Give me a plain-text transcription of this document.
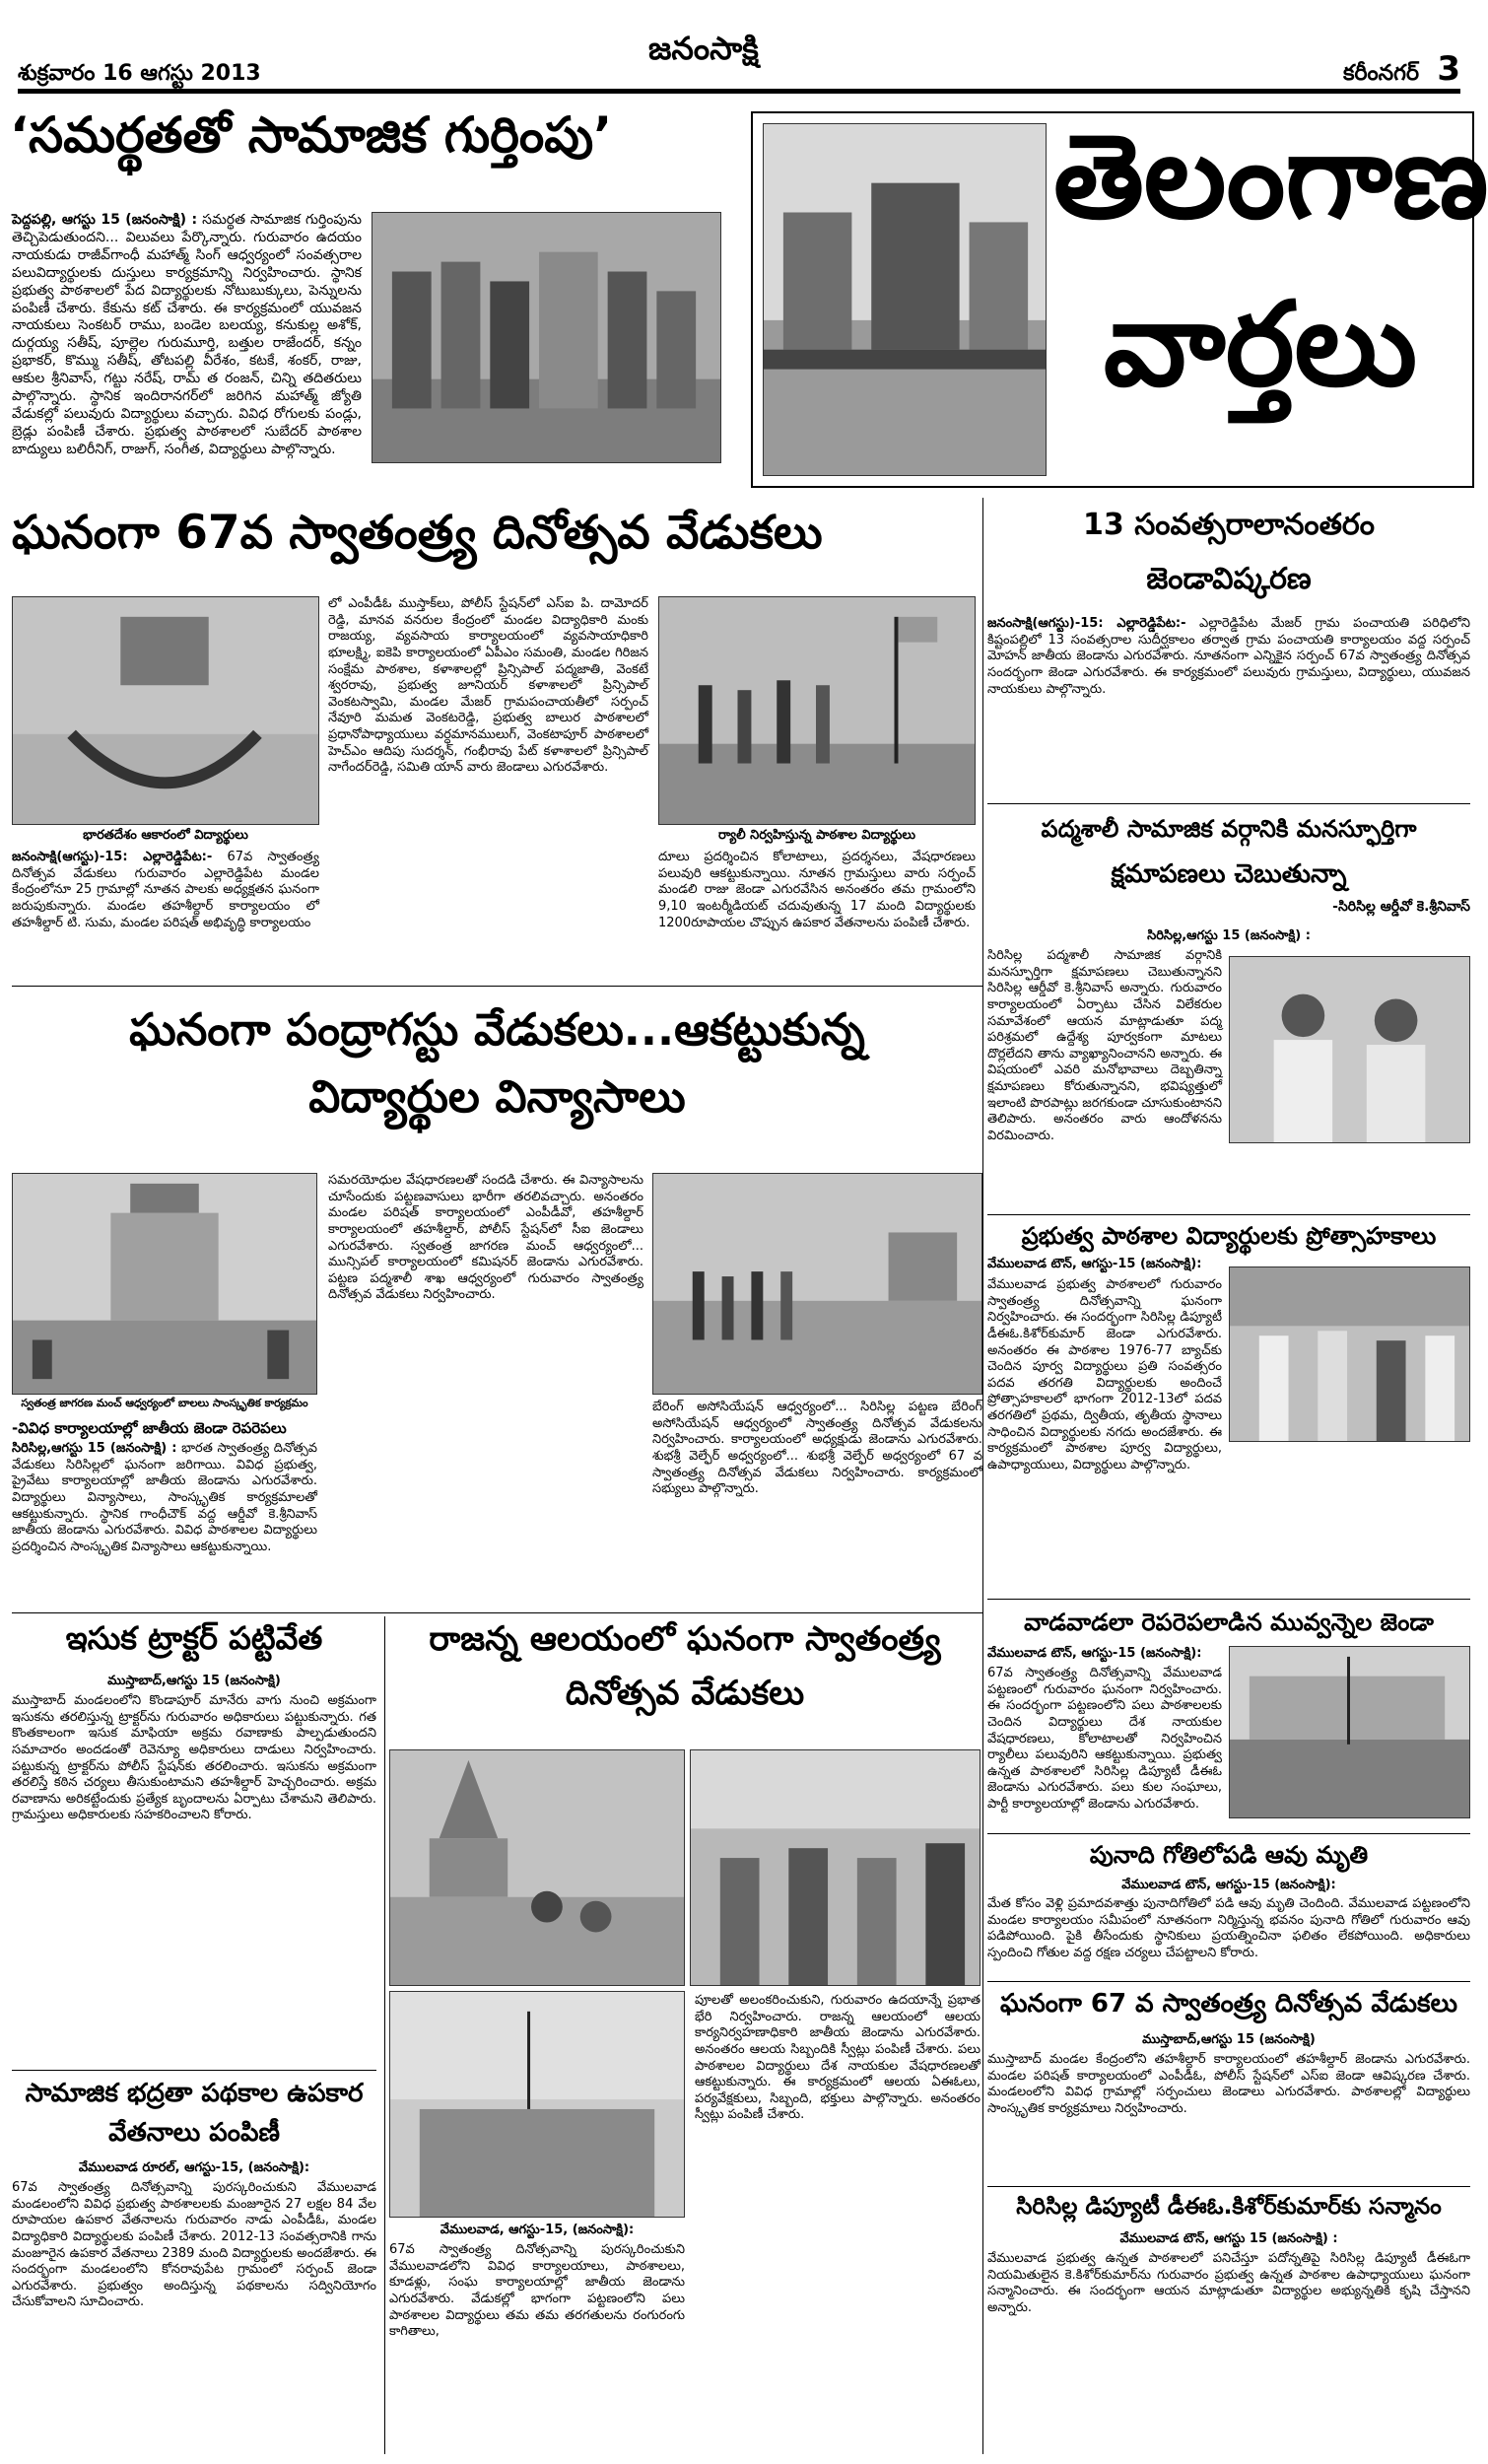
శుక్రవారం 16 ఆగస్టు 2013
జనంసాక్షి
కరీంనగర్ 3
‘సమర్థతతో సామాజిక గుర్తింపు’
పెద్దపల్లి, ఆగస్టు 15 (జనంసాక్షి) : సమర్థత సామాజిక గుర్తింపును తెచ్చిపెడుతుందని... విలువలు పేర్కొన్నారు. గురువారం ఉదయం నాయకుడు రాజీవ్‌గాంధీ మహాత్మ్ సింగ్ ఆధ్వర్యంలో సంవత్సరాల పలువిద్యార్థులకు దుస్తులు కార్యక్రమాన్ని నిర్వహించారు. స్థానిక ప్రభుత్వ పాఠశాలలో పేద విద్యార్థులకు నోటుబుక్కులు, పెన్నులను పంపిణీ చేశారు. కేకును కట్ చేశారు. ఈ కార్యక్రమంలో యువజన నాయకులు సెంకటర్ రాము, బండెల బలయ్య, కనుకుల్ల అశోక్, దుర్గయ్య సతీష్, పూల్లెల గురుమూర్తి, బత్తుల రాజేందర్, కన్నం ప్రభాకర్, కొమ్ము సతీష్, తోటపల్లి వీరేశం, కటకే, శంకర్, రాజు, ఆకుల శ్రీనివాస్, గట్టు నరేష్, రామ్ త రంజన్, చిన్ని తదితరులు పాల్గొన్నారు. స్థానిక ఇందిరానగర్‌లో జరిగిన మహాత్మ్ జ్యోతి వేడుకల్లో పలువురు విద్యార్థులు వచ్చారు. వివిధ రోగులకు పండ్లు, బ్రెడ్లు పంపిణీ చేశారు. ప్రభుత్వ పాఠశాలలో సుబేదర్ పాఠశాల బాద్యులు బలిరీనిగ్, రాజుగ్, సంగీత, విద్యార్థులు పాల్గొన్నారు.
తెలంగాణ
వార్తలు
ఘనంగా 67వ స్వాతంత్ర్య దినోత్సవ వేడుకలు
భారతదేశం ఆకారంలో విద్యార్థులు
జనంసాక్షి(ఆగస్టు)-15: ఎల్లారెడ్డిపేట:- 67వ స్వాతంత్ర్య దినోత్సవ వేడుకలు గురువారం ఎల్లారెడ్డిపేట మండల కేంద్రంలోనూ 25 గ్రామాల్లో నూతన పాలకు అధ్యక్షతన ఘనంగా జరుపుకున్నారు. మండల తహశీల్దార్ కార్యాలయం లో తహశీల్దార్ టి. సుమ, మండల పరిషత్ అభివృద్ధి కార్యాలయం
లో ఎంపీడీఓ ముస్తాక్‌లు, పోలీస్ స్టేషన్‌లో ఎస్ఐ పి. దామోదర్ రెడ్డి, మానవ వనరుల కేంద్రంలో మండల విద్యాధికారి మంకు రాజయ్య, వ్యవసాయ కార్యాలయంలో వ్యవసాయాధికారి భూలక్ష్మి, ఐకెపి కార్యాలయంలో ఏపీఎం సమంతి, మండల గిరిజన సంక్షేమ పాఠశాల, కళాశాలల్లో ప్రిన్సిపాల్ పద్మజాతి, వెంకటే శ్వరరావు, ప్రభుత్వ జూనియర్ కళాశాలలో ప్రిన్సిపాల్ వెంకటస్వామి, మండల మేజర్ గ్రామపంచాయతీలో సర్పంచ్ నేవూరి మమత వెంకటరెడ్డి, ప్రభుత్వ బాలుర పాఠశాలలో ప్రధానోపాధ్యాయులు వర్ధమానములుగ్, వెంకటాపూర్ పాఠశాలలో హెచ్ఎం ఆదిపు సుదర్శన్, గంభీరావు పేట్ కళాశాలలో ప్రిన్సిపాల్ నాగేందర్‌రెడ్డి, సమితి యాన్ వారు జెండాలు ఎగురవేశారు.
ర్యాలీ నిర్వహిస్తున్న పాఠశాల విద్యార్థులు
దూలు ప్రదర్శించిన కోలాటాలు, ప్రదర్శనలు, వేషధారణలు పలువురి ఆకట్టుకున్నాయి. నూతన గ్రామస్తులు వారు సర్పంచ్ మండలి రాజు జెండా ఎగురవేసిన అనంతరం తమ గ్రామంలోని 9,10 ఇంటర్మీడియట్ చదువుతున్న 17 మంది విద్యార్థులకు 1200రూపాయల చొప్పున ఉపకార వేతనాలను పంపిణీ చేశారు.
13 సంవత్సరాలానంతరం
జెండావిష్కరణ
జనంసాక్షి(ఆగస్టు)-15: ఎల్లారెడ్డిపేట:- ఎల్లారెడ్డిపేట మేజర్ గ్రామ పంచాయతి పరిధిలోని కిష్టంపల్లిలో 13 సంవత్సరాల సుదీర్ఘకాలం తర్వాత గ్రామ పంచాయతి కార్యాలయం వద్ద సర్పంచ్ మోహన్ జాతీయ జెండాను ఎగురవేశారు. నూతనంగా ఎన్నికైన సర్పంచ్ 67వ స్వాతంత్ర్య దినోత్సవ సందర్భంగా జెండా ఎగురవేశారు. ఈ కార్యక్రమంలో పలువురు గ్రామస్తులు, విద్యార్థులు, యువజన నాయకులు పాల్గొన్నారు.
పద్మశాలీ సామాజిక వర్గానికి మనస్ఫూర్తిగా
క్షమాపణలు చెబుతున్నా
-సిరిసిల్ల ఆర్డీవో కె.శ్రీనివాస్
సిరిసిల్ల,ఆగస్టు 15 (జనంసాక్షి) :
సిరిసిల్ల పద్మశాలీ సామాజిక వర్గానికి మనస్ఫూర్తిగా క్షమాపణలు చెబుతున్నానని సిరిసిల్ల ఆర్డీవో కె.శ్రీనివాస్ అన్నారు. గురువారం కార్యాలయంలో ఏర్పాటు చేసిన విలేకరుల సమావేశంలో ఆయన మాట్లాడుతూ పద్మ పరిశ్రమలో ఉద్దేశ్య పూర్వకంగా మాటలు దొర్లలేదని తాను వ్యాఖ్యానించానని అన్నారు. ఈ విషయంలో ఎవరి మనోభావాలు దెబ్బతిన్నా క్షమాపణలు కోరుతున్నానని, భవిష్యత్తులో ఇలాంటి పొరపాట్లు జరగకుండా చూసుకుంటానని తెలిపారు. అనంతరం వారు ఆందోళనను విరమించారు.
ప్రభుత్వ పాఠశాల విద్యార్థులకు ప్రోత్సాహకాలు
వేములవాడ టౌన్, ఆగస్టు-15 (జనంసాక్షి):
వేములవాడ ప్రభుత్వ పాఠశాలలో గురువారం స్వాతంత్ర్య దినోత్సవాన్ని ఘనంగా నిర్వహించారు. ఈ సందర్భంగా సిరిసిల్ల డిప్యూటీ డీఈఓ.కిశోర్‌కుమార్ జెండా ఎగురవేశారు. అనంతరం ఈ పాఠశాల 1976-77 బ్యాచ్‌కు చెందిన పూర్వ విద్యార్థులు ప్రతి సంవత్సరం పదవ తరగతి విద్యార్థులకు అందించే ప్రోత్సాహకాలలో భాగంగా 2012-13లో పదవ తరగతిలో ప్రథమ, ద్వితీయ, తృతీయ స్థానాలు సాధించిన విద్యార్థులకు నగదు అందజేశారు. ఈ కార్యక్రమంలో పాఠశాల పూర్వ విద్యార్థులు, ఉపాధ్యాయులు, విద్యార్థులు పాల్గొన్నారు.
ఘనంగా పంద్రాగస్టు వేడుకలు...ఆకట్టుకున్న
విద్యార్థుల విన్యాసాలు
స్వతంత్ర జాగరణ మంచ్ ఆధ్వర్యంలో బాలలు సాంస్కృతిక కార్యక్రమం
-వివిధ కార్యాలయాల్లో జాతీయ జెండా రెపరెపలు
సిరిసిల్ల,ఆగస్టు 15 (జనంసాక్షి) : భారత స్వాతంత్ర్య దినోత్సవ వేడుకలు సిరిసిల్లలో ఘనంగా జరిగాయి. వివిధ ప్రభుత్వ, ప్రైవేటు కార్యాలయాల్లో జాతీయ జెండాను ఎగురవేశారు. విద్యార్థులు విన్యాసాలు, సాంస్కృతిక కార్యక్రమాలతో ఆకట్టుకున్నారు. స్థానిక గాంధీచౌక్ వద్ద ఆర్డీవో కె.శ్రీనివాస్ జాతీయ జెండాను ఎగురవేశారు. వివిధ పాఠశాలల విద్యార్థులు ప్రదర్శించిన సాంస్కృతిక విన్యాసాలు ఆకట్టుకున్నాయి.
సమరయోధుల వేషధారణలతో సందడి చేశారు. ఈ విన్యాసాలను చూసేందుకు పట్టణవాసులు భారీగా తరలివచ్చారు. అనంతరం మండల పరిషత్ కార్యాలయంలో ఎంపీడీవో, తహశీల్దార్ కార్యాలయంలో తహశీల్దార్, పోలీస్ స్టేషన్‌లో సీఐ జెండాలు ఎగురవేశారు. స్వతంత్ర జాగరణ మంచ్ ఆధ్వర్యంలో... మున్సిపల్ కార్యాలయంలో కమిషనర్ జెండాను ఎగురవేశారు. పట్టణ పద్మశాలీ శాఖ ఆధ్వర్యంలో గురువారం స్వాతంత్ర్య దినోత్సవ వేడుకలు నిర్వహించారు.
బేరింగ్ అసోసియేషన్ ఆధ్వర్యంలో... సిరిసిల్ల పట్టణ బేరింగ్ అసోసియేషన్ ఆధ్వర్యంలో స్వాతంత్ర్య దినోత్సవ వేడుకలను నిర్వహించారు. కార్యాలయంలో అధ్యక్షుడు జెండాను ఎగురవేశారు. శుభశ్రీ వెల్ఫేర్ అధ్వర్యంలో... శుభశ్రీ వెల్ఫేర్ అధ్వర్యంలో 67 వ స్వాతంత్ర్య దినోత్సవ వేడుకలు నిర్వహించారు. కార్యక్రమంలో సభ్యులు పాల్గొన్నారు.
వాడవాడలా రెపరెపలాడిన మువ్వన్నెల జెండా
వేములవాడ టౌన్, ఆగస్టు-15 (జనంసాక్షి):
67వ స్వాతంత్ర్య దినోత్సవాన్ని వేములవాడ పట్టణంలో గురువారం ఘనంగా నిర్వహించారు. ఈ సందర్భంగా పట్టణంలోని పలు పాఠశాలలకు చెందిన విద్యార్థులు దేశ నాయకుల వేషధారణలు, కోలాటాలతో నిర్వహించిన ర్యాలీలు పలువురిని ఆకట్టుకున్నాయి. ప్రభుత్వ ఉన్నత పాఠశాలలో సిరిసిల్ల డిప్యూటీ డీఈఓ జెండాను ఎగురవేశారు. పలు కుల సంఘాలు, పార్టీ కార్యాలయాల్లో జెండాను ఎగురవేశారు.
పునాది గోతిలోపడి ఆవు మృతి
వేములవాడ టౌన్, ఆగస్టు-15 (జనంసాక్షి):
మేత కోసం వెళ్లి ప్రమాదవశాత్తు పునాదిగోతిలో పడి ఆవు మృతి చెందింది. వేములవాడ పట్టణంలోని మండల కార్యాలయం సమీపంలో నూతనంగా నిర్మిస్తున్న భవనం పునాది గోతిలో గురువారం ఆవు పడిపోయింది. పైకి తీసేందుకు స్థానికులు ప్రయత్నించినా ఫలితం లేకపోయింది. అధికారులు స్పందించి గోతుల వద్ద రక్షణ చర్యలు చేపట్టాలని కోరారు.
ఘనంగా 67 వ స్వాతంత్ర్య దినోత్సవ వేడుకలు
ముస్తాబాద్,ఆగస్టు 15 (జనంసాక్షి)
ముస్తాబాద్ మండల కేంద్రంలోని తహశీల్దార్ కార్యాలయంలో తహశీల్దార్ జెండాను ఎగురవేశారు. మండల పరిషత్ కార్యాలయంలో ఎంపీడీఓ, పోలీస్ స్టేషన్‌లో ఎస్ఐ జెండా ఆవిష్కరణ చేశారు. మండలంలోని వివిధ గ్రామాల్లో సర్పంచులు జెండాలు ఎగురవేశారు. పాఠశాలల్లో విద్యార్థులు సాంస్కృతిక కార్యక్రమాలు నిర్వహించారు.
సిరిసిల్ల డిప్యూటీ డీఈఓ.కిశోర్‌కుమార్‌కు సన్మానం
వేములవాడ టౌన్, ఆగస్టు 15 (జనంసాక్షి) :
వేములవాడ ప్రభుత్వ ఉన్నత పాఠశాలలో పనిచేస్తూ పదోన్నతిపై సిరిసిల్ల డిప్యూటీ డీఈఓగా నియమితులైన కె.కిశోర్‌కుమార్‌ను గురువారం ప్రభుత్వ ఉన్నత పాఠశాల ఉపాధ్యాయులు ఘనంగా సన్మానించారు. ఈ సందర్భంగా ఆయన మాట్లాడుతూ విద్యార్థుల అభ్యున్నతికి కృషి చేస్తానని అన్నారు.
ఇసుక ట్రాక్టర్ పట్టివేత
ముస్తాబాద్,ఆగస్టు 15 (జనంసాక్షి)
ముస్తాబాద్ మండలంలోని కొండాపూర్ మానేరు వాగు నుంచి అక్రమంగా ఇసుకను తరలిస్తున్న ట్రాక్టర్‌ను గురువారం అధికారులు పట్టుకున్నారు. గత కొంతకాలంగా ఇసుక మాఫియా అక్రమ రవాణాకు పాల్పడుతుందని సమాచారం అందడంతో రెవెన్యూ అధికారులు దాడులు నిర్వహించారు. పట్టుకున్న ట్రాక్టర్‌ను పోలీస్ స్టేషన్‌కు తరలించారు. ఇసుకను అక్రమంగా తరలిస్తే కఠిన చర్యలు తీసుకుంటామని తహశీల్దార్ హెచ్చరించారు. అక్రమ రవాణాను అరికట్టేందుకు ప్రత్యేక బృందాలను ఏర్పాటు చేశామని తెలిపారు. గ్రామస్తులు అధికారులకు సహకరించాలని కోరారు.
సామాజిక భద్రతా పథకాల ఉపకార
వేతనాలు పంపిణీ
వేములవాడ రూరల్, ఆగస్టు-15, (జనంసాక్షి):
67వ స్వాతంత్ర్య దినోత్సవాన్ని పురస్కరించుకుని వేములవాడ మండలంలోని వివిధ ప్రభుత్వ పాఠశాలలకు మంజూరైన 27 లక్షల 84 వేల రూపాయల ఉపకార వేతనాలను గురువారం నాడు ఎంపీడీఓ, మండల విద్యాధికారి విద్యార్థులకు పంపిణీ చేశారు. 2012-13 సంవత్సరానికి గాను మంజూరైన ఉపకార వేతనాలు 2389 మంది విద్యార్థులకు అందజేశారు. ఈ సందర్భంగా మండలంలోని కోనరావుపేట గ్రామంలో సర్పంచ్ జెండా ఎగురవేశారు. ప్రభుత్వం అందిస్తున్న పథకాలను సద్వినియోగం చేసుకోవాలని సూచించారు.
రాజన్న ఆలయంలో ఘనంగా స్వాతంత్ర్య
దినోత్సవ వేడుకలు
వేములవాడ, ఆగస్టు-15, (జనంసాక్షి):
67వ స్వాతంత్ర్య దినోత్సవాన్ని పురస్కరించుకుని వేములవాడలోని వివిధ కార్యాలయాలు, పాఠశాలలు, కూడళ్లు, సంఘ కార్యాలయాల్లో జాతీయ జెండాను ఎగురవేశారు. వేడుకల్లో భాగంగా పట్టణంలోని పలు పాఠశాలల విద్యార్థులు తమ తమ తరగతులను రంగురంగు కాగితాలు,
పూలతో అలంకరించుకుని, గురువారం ఉదయాన్నే ప్రభాత భేరి నిర్వహించారు. రాజన్న ఆలయంలో ఆలయ కార్యనిర్వహణాధికారి జాతీయ జెండాను ఎగురవేశారు. అనంతరం ఆలయ సిబ్బందికి స్వీట్లు పంపిణీ చేశారు. పలు పాఠశాలల విద్యార్థులు దేశ నాయకుల వేషధారణలతో ఆకట్టుకున్నారు. ఈ కార్యక్రమంలో ఆలయ ఏఈఓలు, పర్యవేక్షకులు, సిబ్బంది, భక్తులు పాల్గొన్నారు. అనంతరం స్వీట్లు పంపిణీ చేశారు.
